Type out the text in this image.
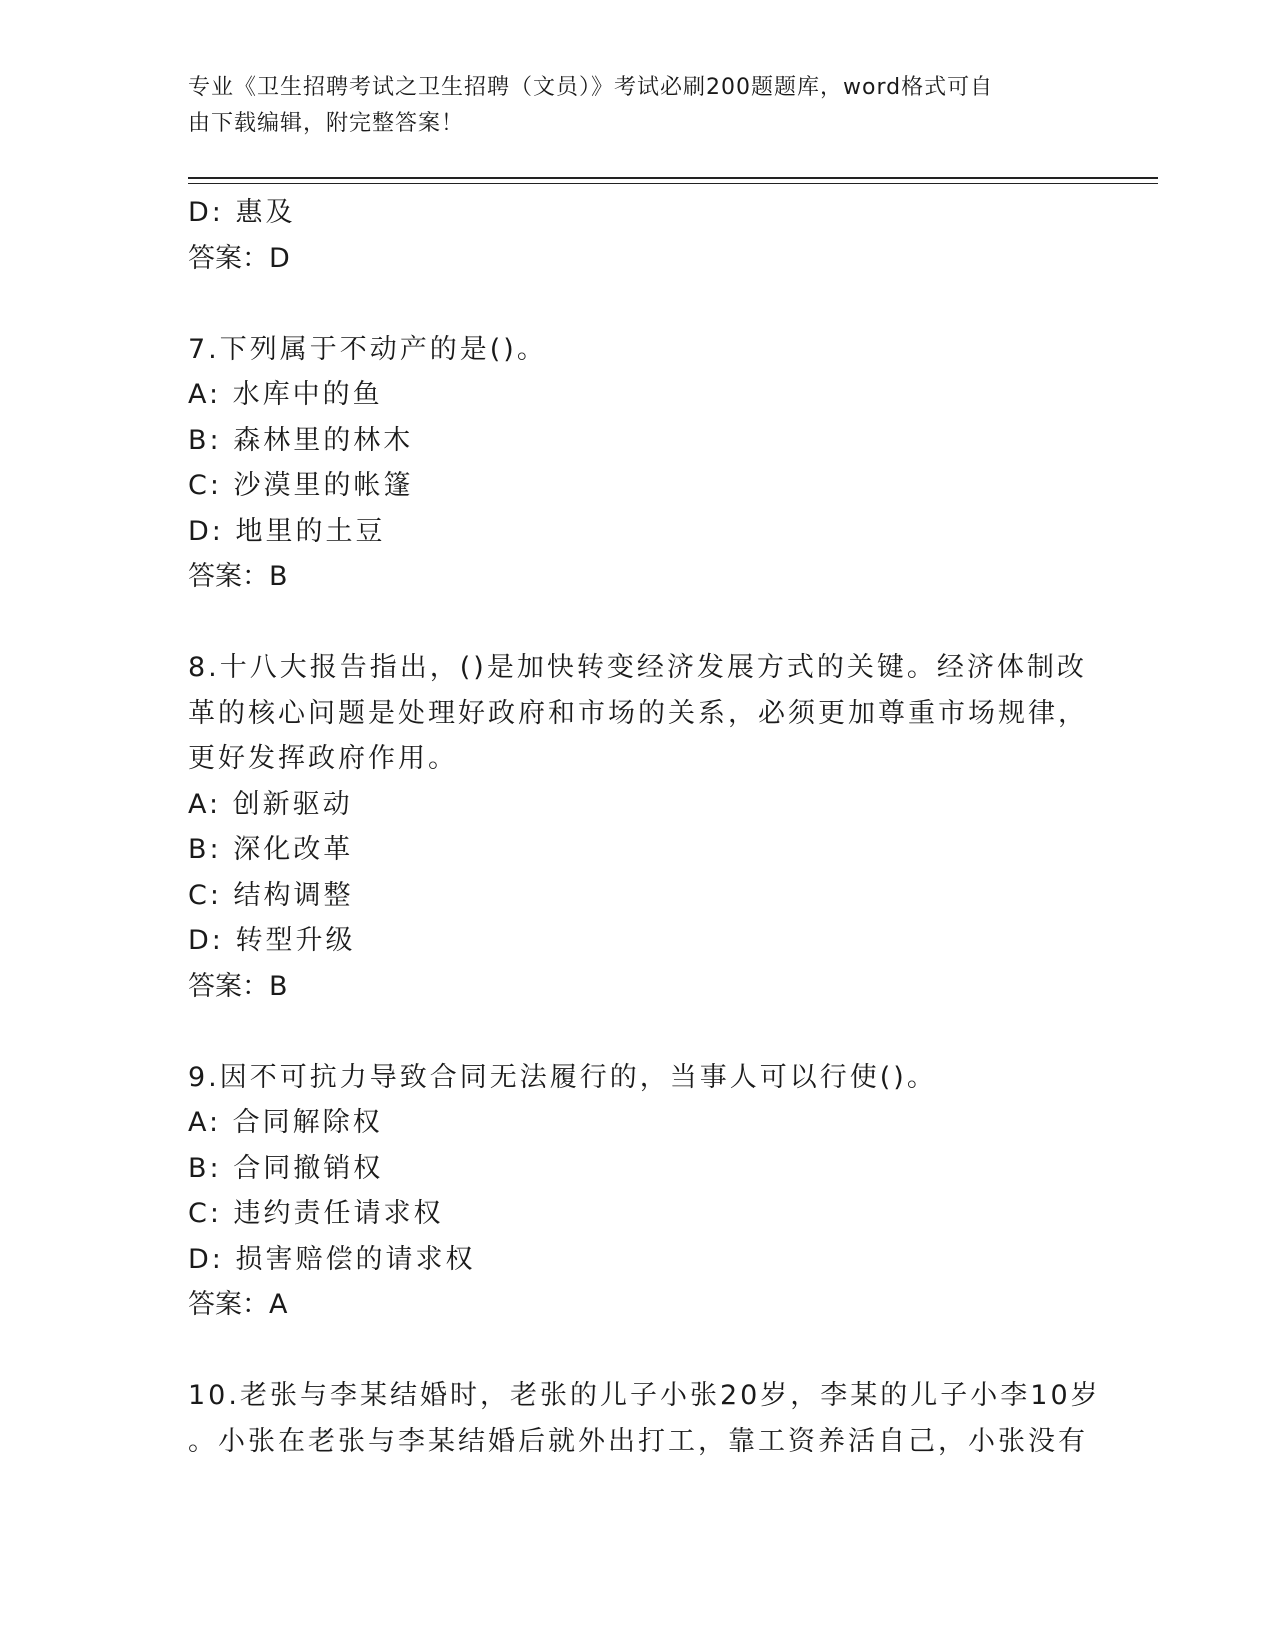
专业《卫生招聘考试之卫生招聘（文员）》考试必刷200题题库，word格式可自
由下载编辑，附完整答案！
D: 惠及
答案：D
7.下列属于不动产的是()。
A: 水库中的鱼
B: 森林里的林木
C: 沙漠里的帐篷
D: 地里的土豆
答案：B
8.十八大报告指出，()是加快转变经济发展方式的关键。经济体制改
革的核心问题是处理好政府和市场的关系，必须更加尊重市场规律，
更好发挥政府作用。
A: 创新驱动
B: 深化改革
C: 结构调整
D: 转型升级
答案：B
9.因不可抗力导致合同无法履行的，当事人可以行使()。
A: 合同解除权
B: 合同撤销权
C: 违约责任请求权
D: 损害赔偿的请求权
答案：A
10.老张与李某结婚时，老张的儿子小张20岁，李某的儿子小李10岁
。小张在老张与李某结婚后就外出打工，靠工资养活自己，小张没有
